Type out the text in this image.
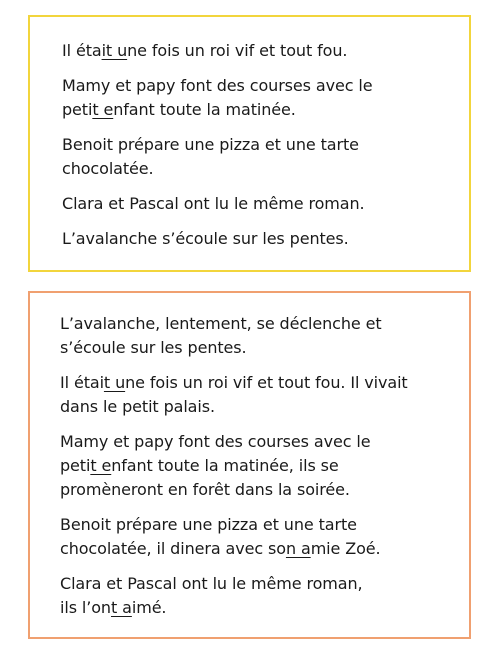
Il était une fois un roi vif et tout fou.

Mamy et papy font des courses avec le
petit enfant toute la matinée.

Benoit prépare une pizza et une tarte
chocolatée.

Clara et Pascal ont lu le même roman.

L’avalanche s’écoule sur les pentes.

L’avalanche, lentement, se déclenche et
s’écoule sur les pentes.

Il était une fois un roi vif et tout fou. Il vivait
dans le petit palais.

Mamy et papy font des courses avec le
petit enfant toute la matinée, ils se
promèneront en forêt dans la soirée.

Benoit prépare une pizza et une tarte
chocolatée, il dinera avec son amie Zoé.

Clara et Pascal ont lu le même roman,
ils l’ont aimé.
